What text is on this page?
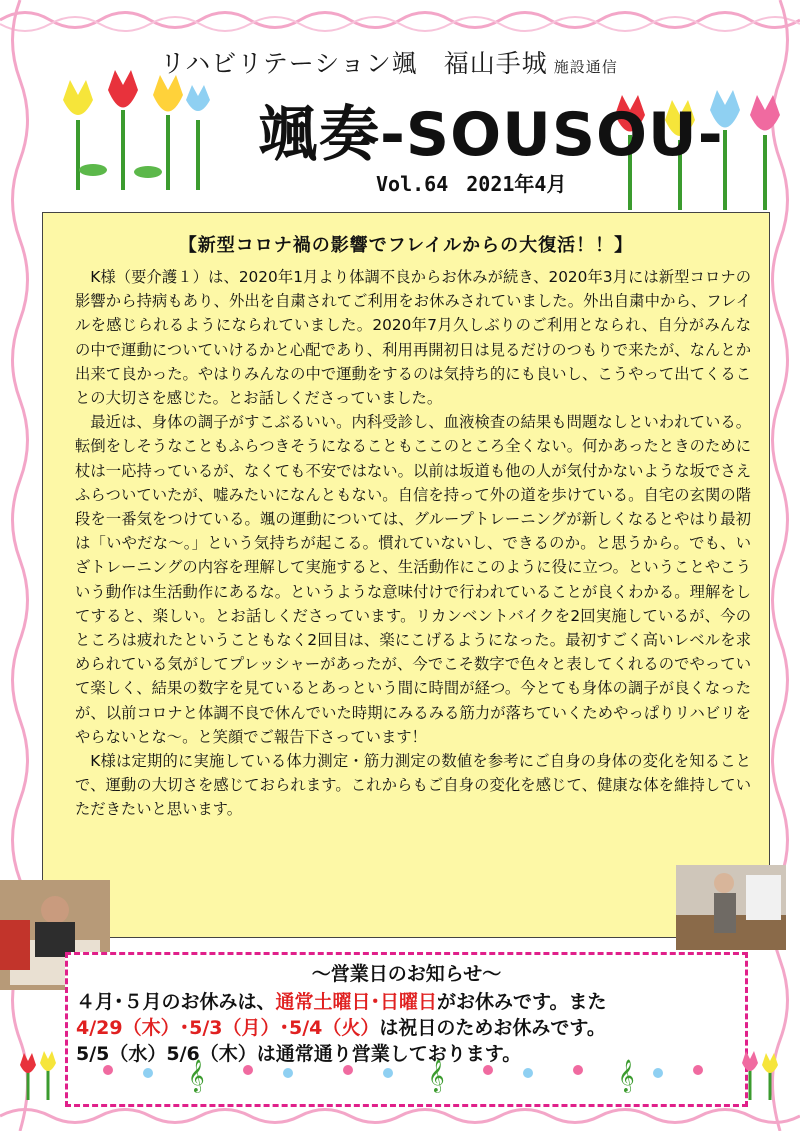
リハビリテーション颯　福山手城 施設通信
颯奏-SOUSOU-
Vol.64 2021年4月
【新型コロナ禍の影響でフレイルからの大復活！！】

K様（要介護１）は、2020年1月より体調不良からお休みが続き、2020年3月には新型コロナの影響から持病もあり、外出を自粛されてご利用をお休みされていました。外出自粛中から、フレイルを感じられるようになられていました。2020年7月久しぶりのご利用となられ、自分がみんなの中で運動についていけるかと心配であり、利用再開初日は見るだけのつもりで来たが、なんとか出来て良かった。やはりみんなの中で運動をするのは気持ち的にも良いし、こうやって出てくることの大切さを感じた。とお話しくださっていました。

最近は、身体の調子がすこぶるいい。内科受診し、血液検査の結果も問題なしといわれている。転倒をしそうなこともふらつきそうになることもここのところ全くない。何かあったときのために杖は一応持っているが、なくても不安ではない。以前は坂道も他の人が気付かないような坂でさえふらついていたが、嘘みたいになんともない。自信を持って外の道を歩けている。自宅の玄関の階段を一番気をつけている。颯の運動については、グループトレーニングが新しくなるとやはり最初は「いやだな～。」という気持ちが起こる。慣れていないし、できるのか。と思うから。でも、いざトレーニングの内容を理解して実施すると、生活動作にこのように役に立つ。ということやこういう動作は生活動作にあるな。というような意味付けで行われていることが良くわかる。理解をしてすると、楽しい。とお話しくださっています。リカンベントバイクを2回実施しているが、今のところは疲れたということもなく2回目は、楽にこげるようになった。最初すごく高いレベルを求められている気がしてプレッシャーがあったが、今でこそ数字で色々と表してくれるのでやっていて楽しく、結果の数字を見ているとあっという間に時間が経つ。今とても身体の調子が良くなったが、以前コロナと体調不良で休んでいた時期にみるみる筋力が落ちていくためやっぱりリハビリをやらないとな～。と笑顔でご報告下さっています！

K様は定期的に実施している体力測定・筋力測定の数値を参考にご自身の身体の変化を知ることで、運動の大切さを感じておられます。これからもご自身の変化を感じて、健康な体を維持していただきたいと思います。

～営業日のお知らせ～
４月･５月のお休みは、通常土曜日･日曜日がお休みです。また
4/29（木）･5/3（月）･5/4（火）は祝日のためお休みです。
5/5（水）5/6（木）は通常通り営業しております。
𝄞	𝄞	𝄞
